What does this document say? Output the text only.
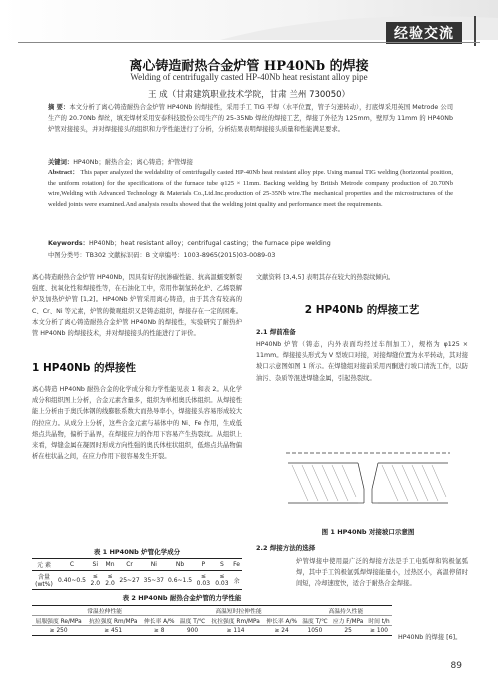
经验交流
离心铸造耐热合金炉管 HP40Nb 的焊接
Welding of centrifugally casted HP-40Nb heat resistant alloy pipe
王 成（甘肃建筑职业技术学院，甘肃 兰州 730050）
摘 要：本文分析了离心铸造耐热合金炉管 HP40Nb 的焊接性，采用手工 TIG 平焊（水平位置，管子匀速转动），打底焊采用英国 Metrode 公司生产的 20.70Nb 焊丝，填充焊材采用安泰科技股份公司生产的 25-35Nb 焊丝的焊接工艺，焊接了外径为 125mm，壁厚为 11mm 的 HP40Nb 炉管对接接头，并对焊接接头的组织和力学性能进行了分析，分析结果表明焊接接头质量和性能满足要求。
关键词：HP40Nb；耐热合金；离心铸造；炉管焊接
Abstract： This paper analyzed the weldability of centrifugally casted HP-40Nb heat resistant alloy pipe. Using manual TIG welding (horizontal position, the uniform rotation) for the specifications of the furnace tube φ125 × 11mm. Backing welding by British Metrode company production of 20.70Nb wire,Welding with Advanced Technology & Materials Co.,Ltd.Inc.production of 25-35Nb wire.The mechanical properties and the microstructures of the welded joints were examined.And analysis results showed that the welding joint quality and performance meet the requirements.
Keywords：HP40Nb；heat resistant alloy；centrifugal casting；the furnace pipe welding
中图分类号：TB302 文献标识码：B 文章编号：1003-8965(2015)03-0089-03
离心铸造耐热合金炉管 HP40Nb，因具有好的抗渗碳性能、抗高温蠕变断裂强度、抗氧化性和焊接性等，在石油化工中，常用作制氢转化炉、乙烯裂解炉及加热炉炉管 [1,2]。HP40Nb 炉管采用离心铸造，由于其含有较高的 C、Cr、Ni 等元素，炉管的微观组织又是铸态组织，焊接存在一定的困难。本文分析了离心铸造耐热合金炉管 HP40Nb 的焊接性，实验研究了耐热炉管 HP40Nb 的焊接技术，并对焊接接头的性能进行了评价。
1 HP40Nb 的焊接性
离心铸造 HP40Nb 耐热合金的化学成分和力学性能见表 1 和表 2。从化学成分和组织图上分析，合金元素含量多，组织为单相奥氏体组织。从焊接性能上分析由于奥氏体钢的线膨胀系数大而热导率小，焊接接头容易形成较大的拉应力。从成分上分析，这些合金元素与基体中的 Ni、Fe 作用，生成低熔点共晶物，偏析于晶界，在焊接应力的作用下容易产生热裂纹。从组织上来看，焊缝金属在凝固时形成方向性强的奥氏体柱状组织，低熔点共晶物偏析在柱状晶之间，在应力作用下很容易发生开裂。
文献资料 [3,4,5] 表明其存在较大的热裂纹倾向。
2 HP40Nb 的焊接工艺
2.1 焊前准备
HP40Nb 炉管（铸态，内外表面均经过车削加工），规格为 φ125 × 11mm。焊接接头形式为 V 型坡口对接，对接焊缝位置为水平转动，其对接坡口示意图如图 1 所示。在焊缝组对接前采用丙酮进行坡口清洗工作，以防油污、杂质等混进焊缝金属，引起热裂纹。
图 1 HP40Nb 对接坡口示意图
2.2 焊接方法的选择
炉管焊接中使用最广泛的焊接方法是手工电弧焊和钨极氩弧焊，其中手工钨极氩弧焊焊接能量小，过热区小，高温停留时间短，冷却速度快，适合于耐热合金焊接。
HP40Nb 的焊接 [6]。
表 1 HP40Nb 炉管化学成分
元 素	C	Si	Mn	Cr	Ni	Nb	P	S	Fe
含量 (wt%)	0.40~0.5	≤ 2.0	≤ 2.0	25~27	35~37	0.6~1.5	≤ 0.03	≤ 0.03	余
表 2 HP40Nb 耐热合金炉管的力学性能
常温拉伸性能			高温短时拉伸性能			高温持久性能		
屈服强度 Re/MPa	抗拉强度 Rm/MPa	伸长率 A/%	温度 T/℃	抗拉强度 Rm/MPa	伸长率 A/%	温度 T/℃	应力 F/MPa	时间 t/h
≥ 250	≥ 451	≥ 8	900	≥ 114	≥ 24	1050	25	≥ 100
89
